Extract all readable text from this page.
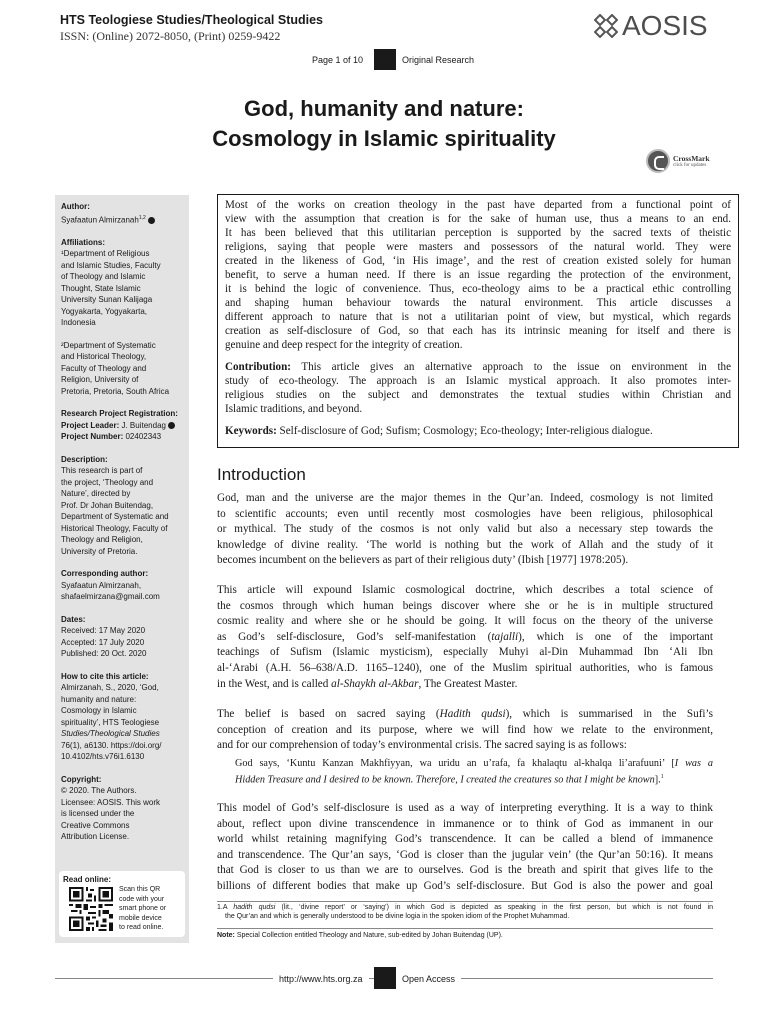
HTS Teologiese Studies/Theological Studies
ISSN: (Online) 2072-8050, (Print) 0259-9422	AOSIS
Page 1 of 10	Original Research
God, humanity and nature:
Cosmology in Islamic spirituality
CrossMark
click for updates
Author:
Syafaatun Almirzanah$^{1,2}$
Affiliations:
¹Department of Religious
and Islamic Studies, Faculty
of Theology and Islamic
Thought, State Islamic
University Sunan Kalijaga
Yogyakarta, Yogyakarta,
Indonesia
²Department of Systematic
and Historical Theology,
Faculty of Theology and
Religion, University of
Pretoria, Pretoria, South Africa
Research Project Registration:
Project Leader: J. Buitendag
Project Number: 02402343
Description:
This research is part of
the project, ‘Theology and
Nature’, directed by
Prof. Dr Johan Buitendag,
Department of Systematic and
Historical Theology, Faculty of
Theology and Religion,
University of Pretoria.
Corresponding author:
Syafaatun Almirzanah,
shafaelmirzana@gmail.com
Dates:
Received: 17 May 2020
Accepted: 17 July 2020
Published: 20 Oct. 2020
How to cite this article:
Almirzanah, S., 2020, ‘God,
humanity and nature:
Cosmology in Islamic
spirituality’, HTS Teologiese
Studies/Theological Studies
76(1), a6130. https://doi.org/
10.4102/hts.v76i1.6130
Copyright:
© 2020. The Authors.
Licensee: AOSIS. This work
is licensed under the
Creative Commons
Attribution License.
Read online:
Scan this QR
code with your
smart phone or
mobile device
to read online.
Most of the works on creation theology in the past have departed from a functional point of
view with the assumption that creation is for the sake of human use, thus a means to an end.
It has been believed that this utilitarian perception is supported by the sacred texts of theistic
religions, saying that people were masters and possessors of the natural world. They were
created in the likeness of God, ‘in His image’, and the rest of creation existed solely for human
benefit, to serve a human need. If there is an issue regarding the protection of the environment,
it is behind the logic of convenience. Thus, eco-theology aims to be a practical ethic controlling
and shaping human behaviour towards the natural environment. This article discusses a
different approach to nature that is not a utilitarian point of view, but mystical, which regards
creation as self-disclosure of God, so that each has its intrinsic meaning for itself and there is
genuine and deep respect for the integrity of creation.
Contribution: This article gives an alternative approach to the issue on environment in the
study of eco-theology. The approach is an Islamic mystical approach. It also promotes inter-
religious studies on the subject and demonstrates the textual studies within Christian and
Islamic traditions, and beyond.
Keywords: Self-disclosure of God; Sufism; Cosmology; Eco-theology; Inter-religious dialogue.
Introduction
God, man and the universe are the major themes in the Qur’an. Indeed, cosmology is not limited
to scientific accounts; even until recently most cosmologies have been religious, philosophical
or mythical. The study of the cosmos is not only valid but also a necessary step towards the
knowledge of divine reality. ‘The world is nothing but the work of Allah and the study of it
becomes incumbent on the believers as part of their religious duty’ (Ibish [1977] 1978:205).
This article will expound Islamic cosmological doctrine, which describes a total science of
the cosmos through which human beings discover where she or he is in multiple structured
cosmic reality and where she or he should be going. It will focus on the theory of the universe
as God’s self-disclosure, God’s self-manifestation (tajalli), which is one of the important
teachings of Sufism (Islamic mysticism), especially Muhyi al-Din Muhammad Ibn ‘Ali Ibn
al-‘Arabi (A.H. 56–638/A.D. 1165–1240), one of the Muslim spiritual authorities, who is famous
in the West, and is called al-Shaykh al-Akbar, The Greatest Master.
The belief is based on sacred saying (Hadith qudsi), which is summarised in the Sufi’s
conception of creation and its purpose, where we will find how we relate to the environment,
and for our comprehension of today’s environmental crisis. The sacred saying is as follows:
God says, ‘Kuntu Kanzan Makhfiyyan, wa uridu an u’rafa, fa khalaqtu al-khalqa li’arafuuni’ [I was a
Hidden Treasure and I desired to be known. Therefore, I created the creatures so that I might be known].$^1$
This model of God’s self-disclosure is used as a way of interpreting everything. It is a way to think
about, reflect upon divine transcendence in immanence or to think of God as immanent in our
world whilst retaining magnifying God’s transcendence. It can be called a blend of immanence
and transcendence. The Qur’an says, ‘God is closer than the jugular vein’ (the Qur’an 50:16). It means
that God is closer to us than we are to ourselves. God is the breath and spirit that gives life to the
billions of different bodies that make up God’s self-disclosure. But God is also the power and goal
1.A hadith qudsi (lit., ‘divine report’ or ‘saying’) in which God is depicted as speaking in the first person, but which is not found in
the Qur’an and which is generally understood to be divine logia in the spoken idiom of the Prophet Muhammad.
Note: Special Collection entitled Theology and Nature, sub-edited by Johan Buitendag (UP).
http://www.hts.org.za	Open Access
